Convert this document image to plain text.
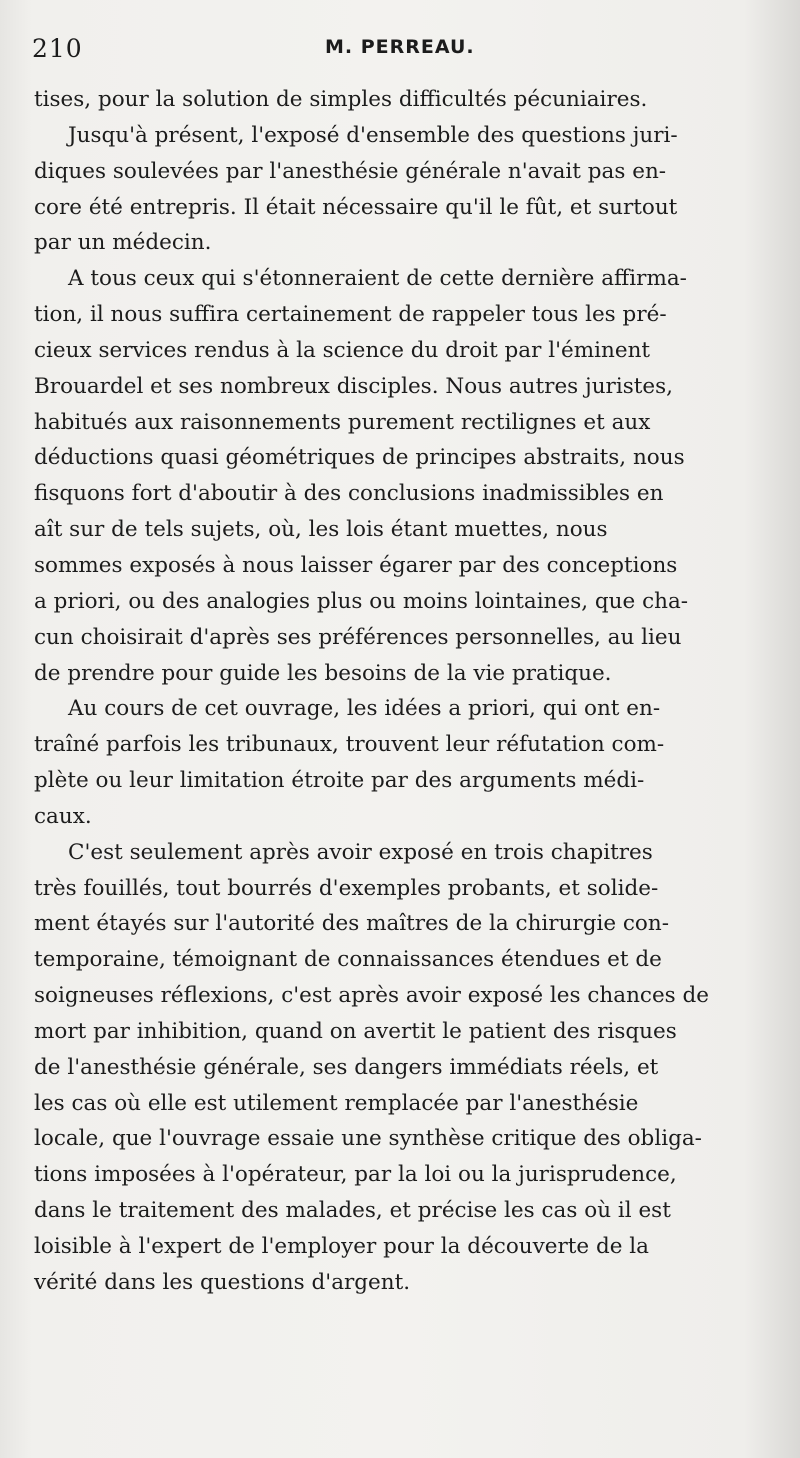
210	M. PERREAU.
tises, pour la solution de simples difficultés pécuniaires.
Jusqu'à présent, l'exposé d'ensemble des questions juri-
diques soulevées par l'anesthésie générale n'avait pas en-
core été entrepris. Il était nécessaire qu'il le fût, et surtout
par un médecin.
A tous ceux qui s'étonneraient de cette dernière affirma-
tion, il nous suffira certainement de rappeler tous les pré-
cieux services rendus à la science du droit par l'éminent
Brouardel et ses nombreux disciples. Nous autres juristes,
habitués aux raisonnements purement rectilignes et aux
déductions quasi géométriques de principes abstraits, nous
fisquons fort d'aboutir à des conclusions inadmissibles en
aît sur de tels sujets, où, les lois étant muettes, nous
sommes exposés à nous laisser égarer par des conceptions
a priori, ou des analogies plus ou moins lointaines, que cha-
cun choisirait d'après ses préférences personnelles, au lieu
de prendre pour guide les besoins de la vie pratique.
Au cours de cet ouvrage, les idées a priori, qui ont en-
traîné parfois les tribunaux, trouvent leur réfutation com-
plète ou leur limitation étroite par des arguments médi-
caux.
C'est seulement après avoir exposé en trois chapitres
très fouillés, tout bourrés d'exemples probants, et solide-
ment étayés sur l'autorité des maîtres de la chirurgie con-
temporaine, témoignant de connaissances étendues et de
soigneuses réflexions, c'est après avoir exposé les chances de
mort par inhibition, quand on avertit le patient des risques
de l'anesthésie générale, ses dangers immédiats réels, et
les cas où elle est utilement remplacée par l'anesthésie
locale, que l'ouvrage essaie une synthèse critique des obliga-
tions imposées à l'opérateur, par la loi ou la jurisprudence,
dans le traitement des malades, et précise les cas où il est
loisible à l'expert de l'employer pour la découverte de la
vérité dans les questions d'argent.
